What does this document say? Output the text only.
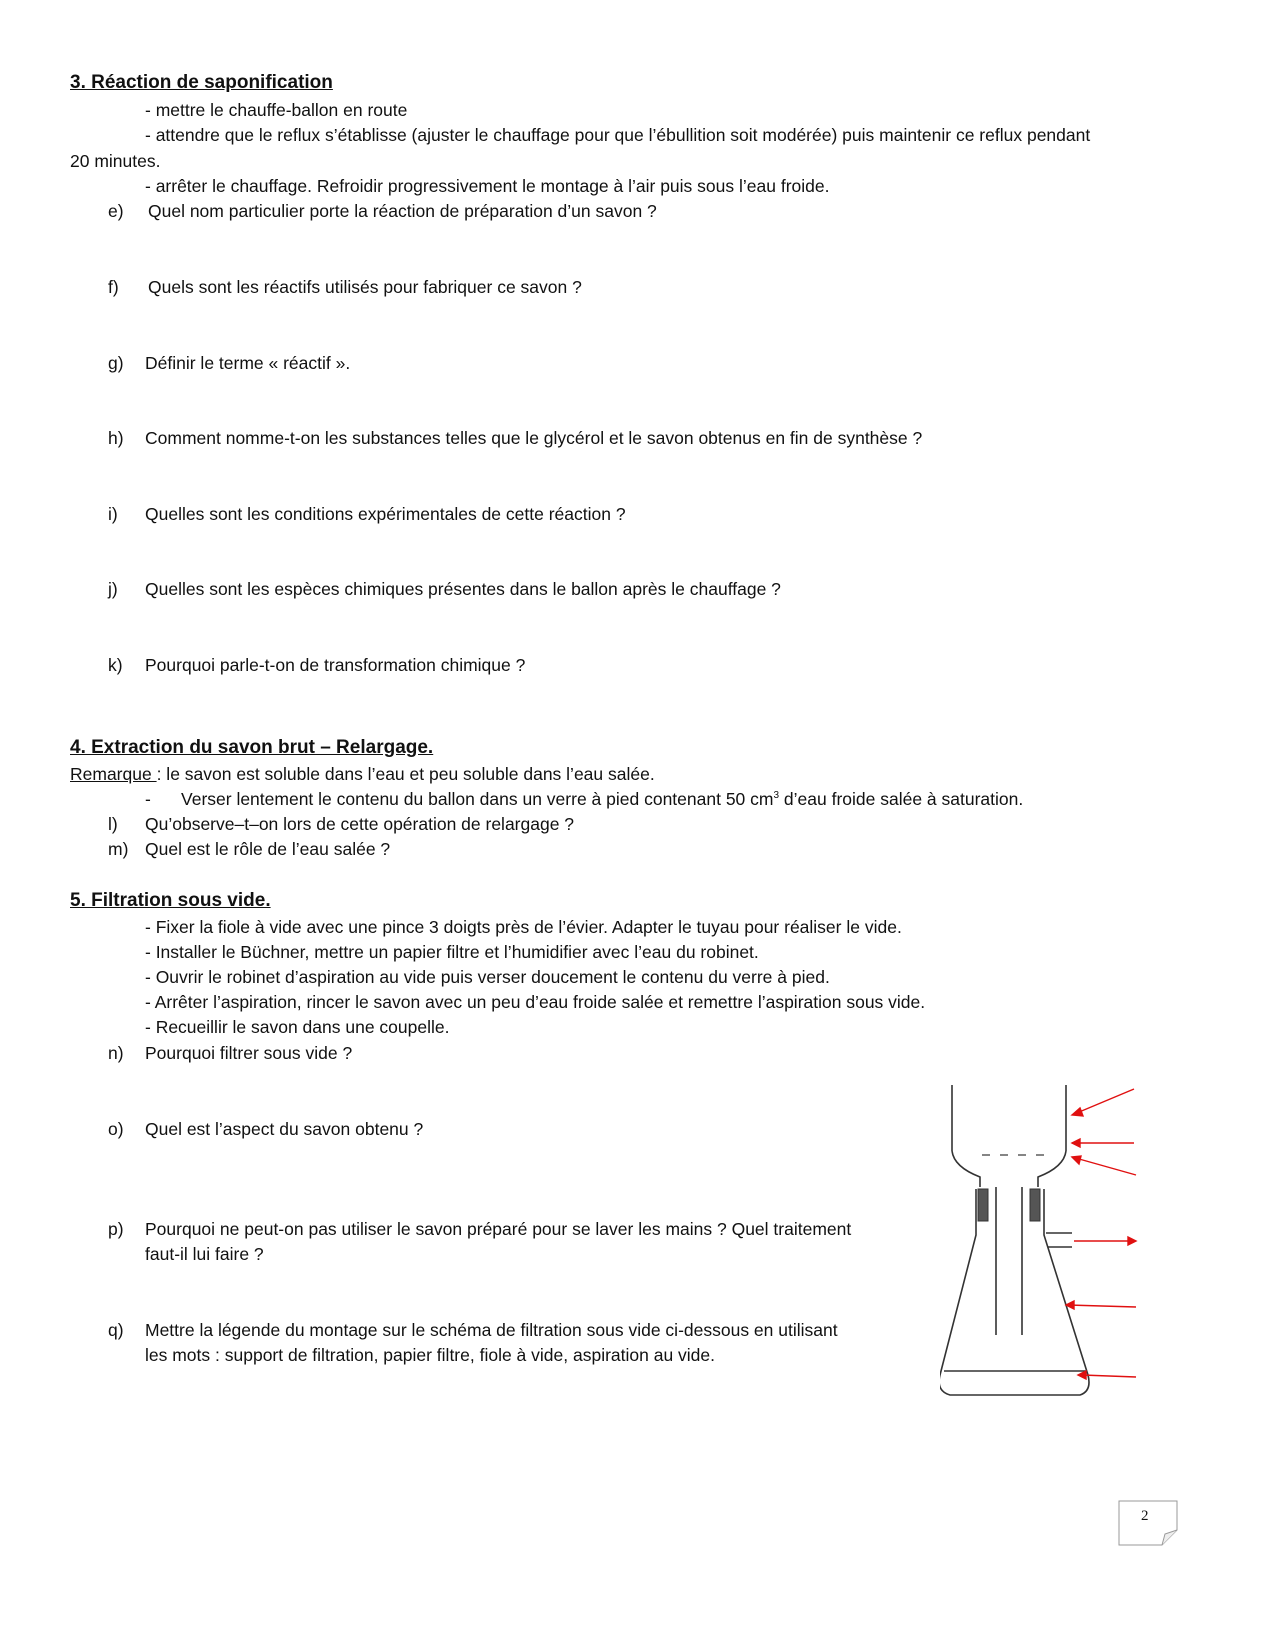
3. Réaction de saponification
- mettre le chauffe-ballon en route
- attendre que le reflux s’établisse (ajuster le chauffage pour que l’ébullition soit modérée) puis maintenir ce reflux pendant
20 minutes.
- arrêter le chauffage. Refroidir progressivement le montage à l’air puis sous l’eau froide.
e) Quel nom particulier porte la réaction de préparation d’un savon ?
f) Quels sont les réactifs utilisés pour fabriquer ce savon ?
g) Définir le terme « réactif ».
h) Comment nomme-t-on les substances telles que le glycérol et le savon obtenus en fin de synthèse ?
i) Quelles sont les conditions expérimentales de cette réaction ?
j) Quelles sont les espèces chimiques présentes dans le ballon après le chauffage ?
k) Pourquoi parle-t-on de transformation chimique ?
4. Extraction du savon brut – Relargage.
Remarque : le savon est soluble dans l’eau et peu soluble dans l’eau salée.
- Verser lentement le contenu du ballon dans un verre à pied contenant 50 $cm^3$ d’eau froide salée à saturation.
l) Qu’observe–t–on lors de cette opération de relargage ?
m) Quel est le rôle de l’eau salée ?
5. Filtration sous vide.
- Fixer la fiole à vide avec une pince 3 doigts près de l’évier. Adapter le tuyau pour réaliser le vide.
- Installer le Büchner, mettre un papier filtre et l’humidifier avec l’eau du robinet.
- Ouvrir le robinet d’aspiration au vide puis verser doucement le contenu du verre à pied.
- Arrêter l’aspiration, rincer le savon avec un peu d’eau froide salée et remettre l’aspiration sous vide.
- Recueillir le savon dans une coupelle.
n) Pourquoi filtrer sous vide ?
o) Quel est l’aspect du savon obtenu ?
p) Pourquoi ne peut-on pas utiliser le savon préparé pour se laver les mains ? Quel traitement
faut-il lui faire ?
q) Mettre la légende du montage sur le schéma de filtration sous vide ci-dessous en utilisant
les mots : support de filtration, papier filtre, fiole à vide, aspiration au vide.
2
